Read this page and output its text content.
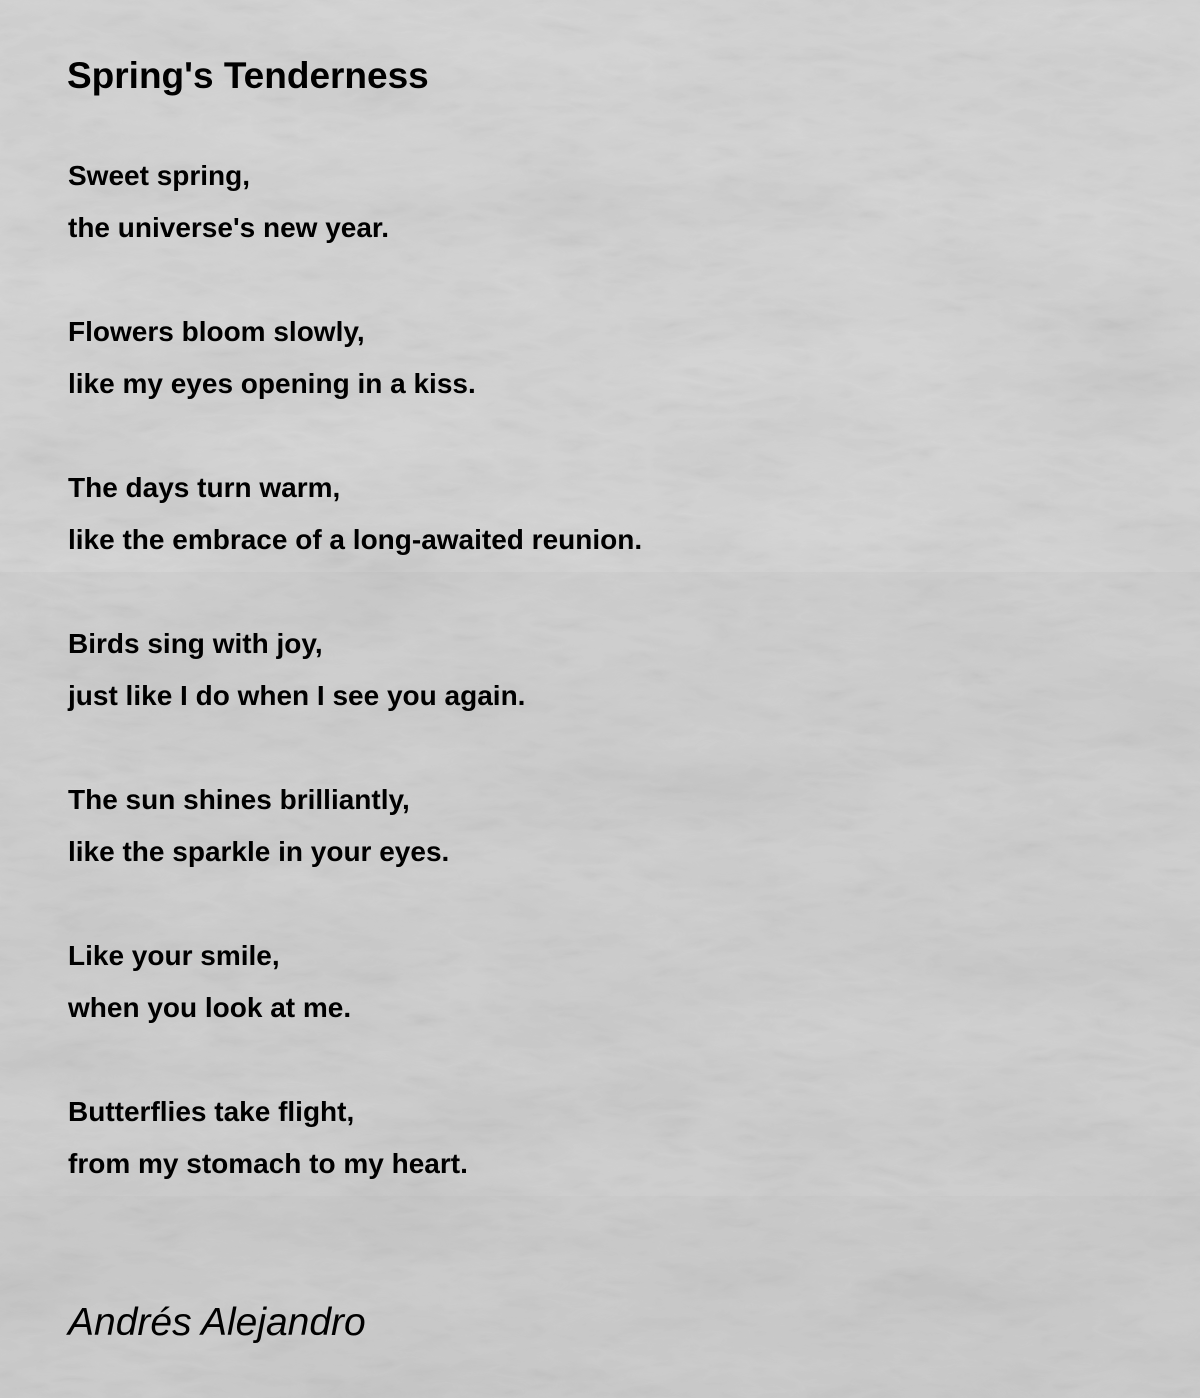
Spring's Tenderness
Sweet spring,
the universe's new year.
Flowers bloom slowly,
like my eyes opening in a kiss.
The days turn warm,
like the embrace of a long-awaited reunion.
Birds sing with joy,
just like I do when I see you again.
The sun shines brilliantly,
like the sparkle in your eyes.
Like your smile,
when you look at me.
Butterflies take flight,
from my stomach to my heart.

Andrés Alejandro
